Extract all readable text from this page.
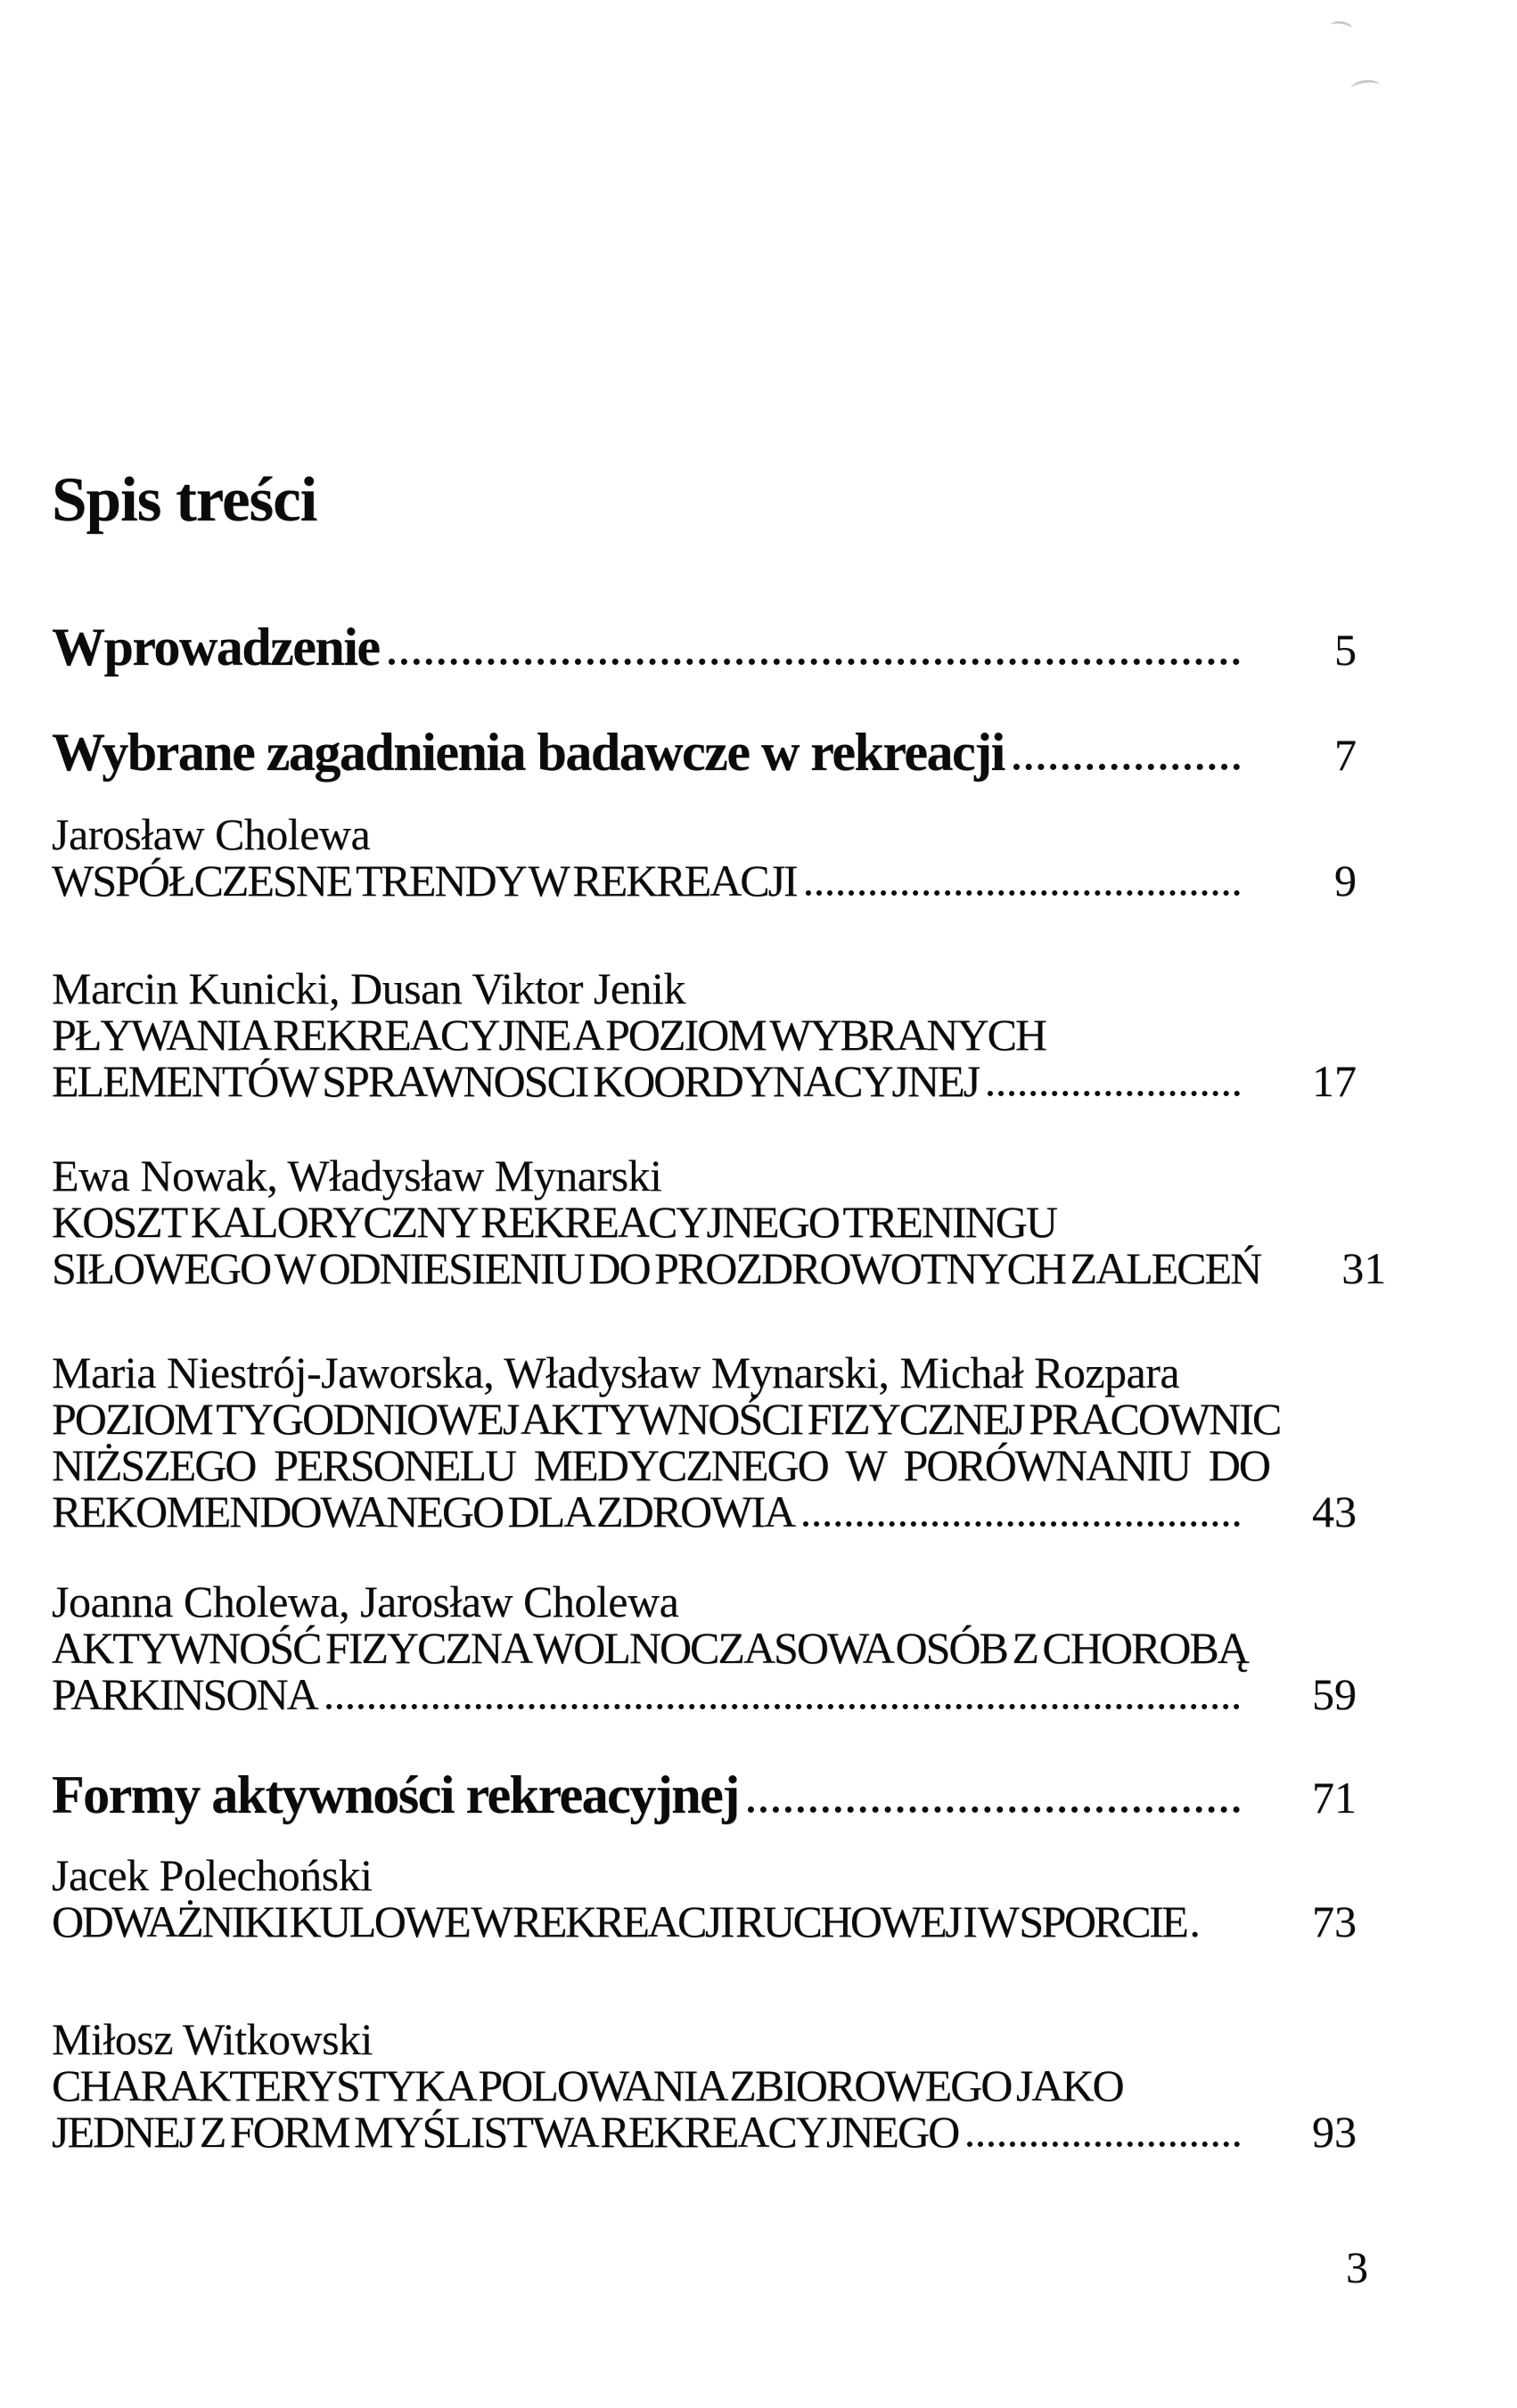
Spis treści
Wprowadzenie	5
Wybrane zagadnienia badawcze w rekreacji	7
Jarosław Cholewa
WSPÓŁCZESNE TRENDY W REKREACJI	9
Marcin Kunicki, Dusan Viktor Jenik
PŁYWANIA REKREACYJNE A POZIOM WYBRANYCH
ELEMENTÓW SPRAWNOSCI KOORDYNACYJNEJ	17
Ewa Nowak, Władysław Mynarski
KOSZT KALORYCZNY REKREACYJNEGO TRENINGU
SIŁOWEGO W ODNIESIENIU DO PROZDROWOTNYCH ZALECEŃ	31
Maria Niestrój-Jaworska, Władysław Mynarski, Michał Rozpara
POZIOM TYGODNIOWEJ AKTYWNOŚCI FIZYCZNEJ PRACOWNIC
NIŻSZEGO PERSONELU MEDYCZNEGO W PORÓWNANIU DO
REKOMENDOWANEGO DLA ZDROWIA	43
Joanna Cholewa, Jarosław Cholewa
AKTYWNOŚĆ FIZYCZNA WOLNOCZASOWA OSÓB Z CHOROBĄ
PARKINSONA	59
Formy aktywności rekreacyjnej	71
Jacek Polechoński
ODWAŻNIKI KULOWE W REKREACJI RUCHOWEJ I W SPORCIE .	73
Miłosz Witkowski
CHARAKTERYSTYKA POLOWANIA ZBIOROWEGO JAKO
JEDNEJ Z FORM MYŚLISTWA REKREACYJNEGO	93
3
